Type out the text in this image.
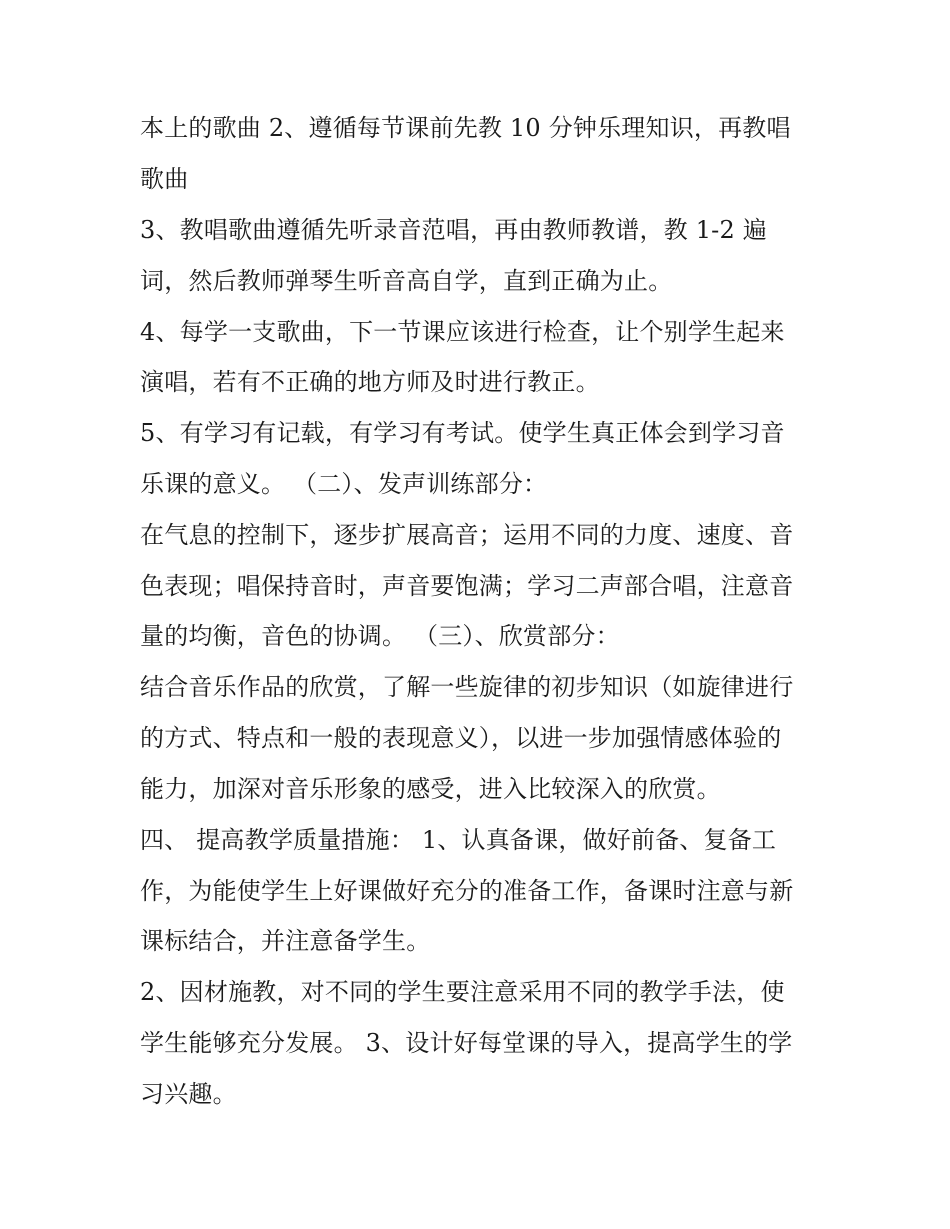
本上的歌曲 2、遵循每节课前先教 10 分钟乐理知识，再教唱
歌曲
3、教唱歌曲遵循先听录音范唱，再由教师教谱，教 1-2 遍
词，然后教师弹琴生听音高自学，直到正确为止。
4、每学一支歌曲，下一节课应该进行检查，让个别学生起来
演唱，若有不正确的地方师及时进行教正。
5、有学习有记载，有学习有考试。使学生真正体会到学习音
乐课的意义。 （二）、发声训练部分：
在气息的控制下，逐步扩展高音；运用不同的力度、速度、音
色表现；唱保持音时，声音要饱满；学习二声部合唱，注意音
量的均衡，音色的协调。 （三）、欣赏部分：
结合音乐作品的欣赏，了解一些旋律的初步知识（如旋律进行
的方式、特点和一般的表现意义），以进一步加强情感体验的
能力，加深对音乐形象的感受，进入比较深入的欣赏。
四、 提高教学质量措施： 1、认真备课，做好前备、复备工
作，为能使学生上好课做好充分的准备工作，备课时注意与新
课标结合，并注意备学生。
2、因材施教，对不同的学生要注意采用不同的教学手法，使
学生能够充分发展。 3、设计好每堂课的导入，提高学生的学
习兴趣。
